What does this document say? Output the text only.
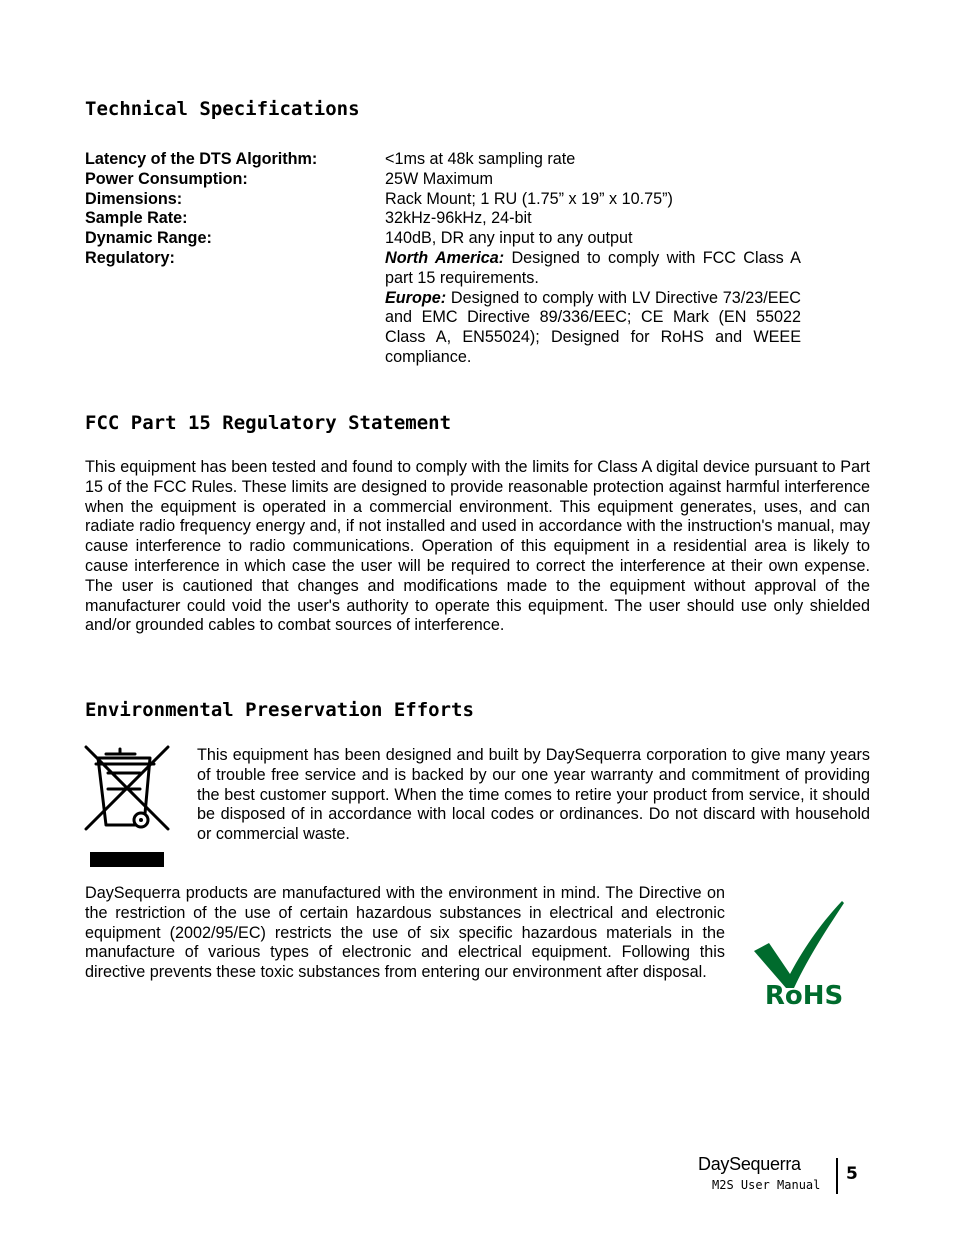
Technical Specifications
Latency of the DTS Algorithm:	<1ms at 48k sampling rate
Power Consumption:	25W Maximum
Dimensions:	Rack Mount; 1 RU (1.75” x 19” x 10.75”)
Sample Rate:	32kHz-96kHz, 24-bit
Dynamic Range:	140dB, DR any input to any output
Regulatory:	North America: Designed to comply with FCC Class A part 15 requirements.
Europe: Designed to comply with LV Directive 73/23/EEC and EMC Directive 89/336/EEC; CE Mark (EN 55022 Class A, EN55024); Designed for RoHS and WEEE compliance.
FCC Part 15 Regulatory Statement

This equipment has been tested and found to comply with the limits for Class A digital device pursuant to Part 15 of the FCC Rules. These limits are designed to provide reasonable protection against harmful interference when the equipment is operated in a commercial environment. This equipment generates, uses, and can radiate radio frequency energy and, if not installed and used in accordance with the instruction's manual, may cause interference to radio communications. Operation of this equipment in a residential area is likely to cause interference in which case the user will be required to correct the interference at their own expense. The user is cautioned that changes and modifications made to the equipment without approval of the manufacturer could void the user's authority to operate this equipment. The user should use only shielded and/or grounded cables to combat sources of interference.

Environmental Preservation Efforts

This equipment has been designed and built by DaySequerra corporation to give many years of trouble free service and is backed by our one year warranty and commitment of providing the best customer support. When the time comes to retire your product from service, it should be disposed of in accordance with local codes or ordinances. Do not discard with household or commercial waste.

DaySequerra products are manufactured with the environment in mind. The Directive on the restriction of the use of certain hazardous substances in electrical and electronic equipment (2002/95/EC) restricts the use of six specific hazardous materials in the manufacture of various types of electronic and electrical equipment. Following this directive prevents these toxic substances from entering our environment after disposal.

RoHS
DaySequerra
M2S User Manual
5
